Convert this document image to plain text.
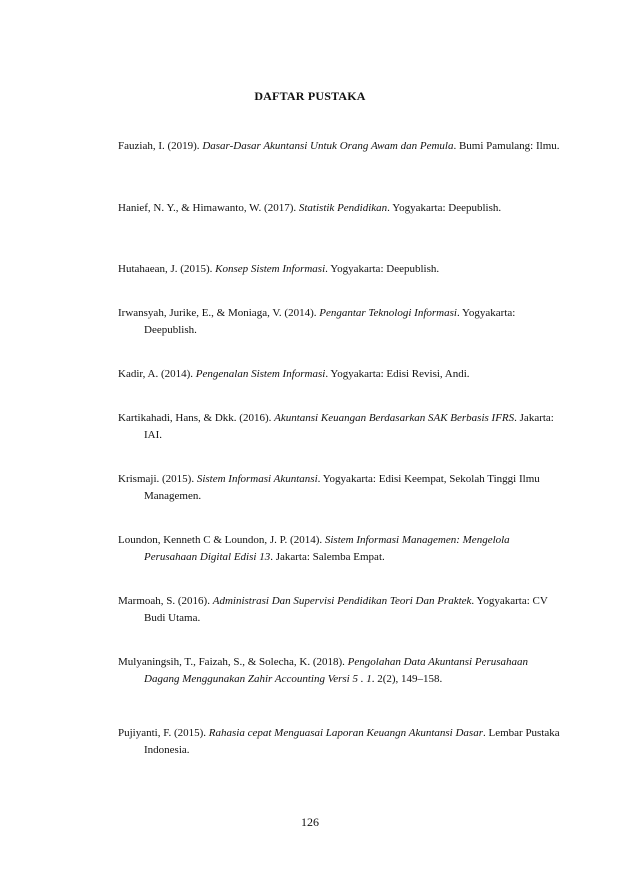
DAFTAR PUSTAKA

Fauziah, I. (2019). Dasar-Dasar Akuntansi Untuk Orang Awam dan Pemula. Bumi Pamulang: Ilmu.

Hanief, N. Y., & Himawanto, W. (2017). Statistik Pendidikan. Yogyakarta: Deepublish.

Hutahaean, J. (2015). Konsep Sistem Informasi. Yogyakarta: Deepublish.

Irwansyah, Jurike, E., & Moniaga, V. (2014). Pengantar Teknologi Informasi. Yogyakarta: Deepublish.

Kadir, A. (2014). Pengenalan Sistem Informasi. Yogyakarta: Edisi Revisi, Andi.

Kartikahadi, Hans, & Dkk. (2016). Akuntansi Keuangan Berdasarkan SAK Berbasis IFRS. Jakarta: IAI.

Krismaji. (2015). Sistem Informasi Akuntansi. Yogyakarta: Edisi Keempat, Sekolah Tinggi Ilmu Managemen.

Loundon, Kenneth C & Loundon, J. P. (2014). Sistem Informasi Managemen: Mengelola Perusahaan Digital Edisi 13. Jakarta: Salemba Empat.

Marmoah, S. (2016). Administrasi Dan Supervisi Pendidikan Teori Dan Praktek. Yogyakarta: CV Budi Utama.

Mulyaningsih, T., Faizah, S., & Solecha, K. (2018). Pengolahan Data Akuntansi Perusahaan Dagang Menggunakan Zahir Accounting Versi 5 . 1. 2(2), 149–158.

Pujiyanti, F. (2015). Rahasia cepat Menguasai Laporan Keuangn Akuntansi Dasar. Lembar Pustaka Indonesia.

126
